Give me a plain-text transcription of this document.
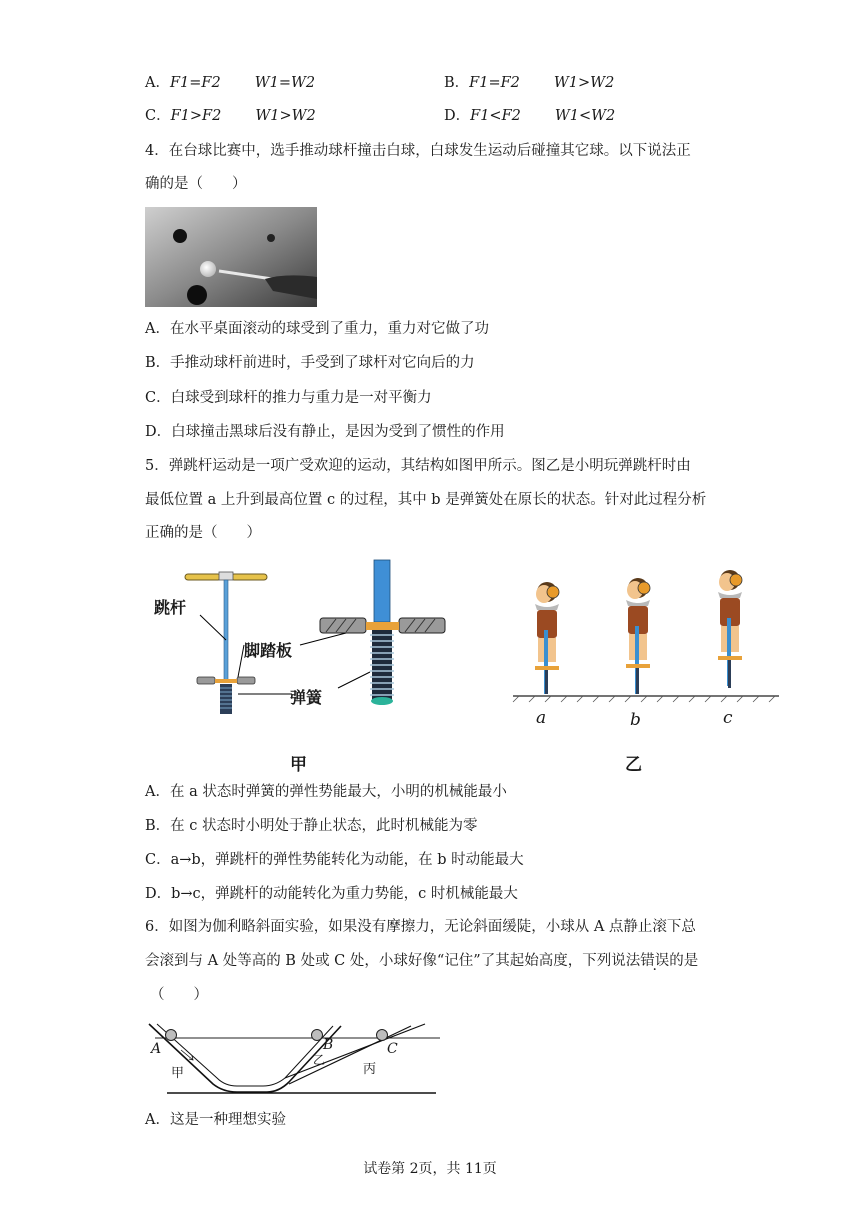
A．F1=F2 W1=W2	B．F1=F2 W1>W2
C．F1>F2 W1>W2	D．F1<F2 W1<W2
4．在台球比赛中，选手推动球杆撞击白球，白球发生运动后碰撞其它球。以下说法正
确的是（　　）
A．在水平桌面滚动的球受到了重力，重力对它做了功
B．手推动球杆前进时，手受到了球杆对它向后的力
C．白球受到球杆的推力与重力是一对平衡力
D．白球撞击黑球后没有静止，是因为受到了惯性的作用
5．弹跳杆运动是一项广受欢迎的运动，其结构如图甲所示。图乙是小明玩弹跳杆时由
最低位置 a 上升到最高位置 c 的过程，其中 b 是弹簧处在原长的状态。针对此过程分析
正确的是（　　）
跳杆
脚踏板
弹簧
甲
a	b	c
乙
A．在 a 状态时弹簧的弹性势能最大，小明的机械能最小
B．在 c 状态时小明处于静止状态，此时机械能为零
C．a→b，弹跳杆的弹性势能转化为动能，在 b 时动能最大
D．b→c，弹跳杆的动能转化为重力势能，c 时机械能最大
6．如图为伽利略斜面实验，如果没有摩擦力，无论斜面缓陡，小球从 A 点静止滚下总
会滚到与 A 处等高的 B 处或 C 处，小球好像“记住”了其起始高度，下列说法错误的是
（　　）
A	B	C
甲
乙
丙
A．这是一种理想实验
试卷第 2页，共 11页
